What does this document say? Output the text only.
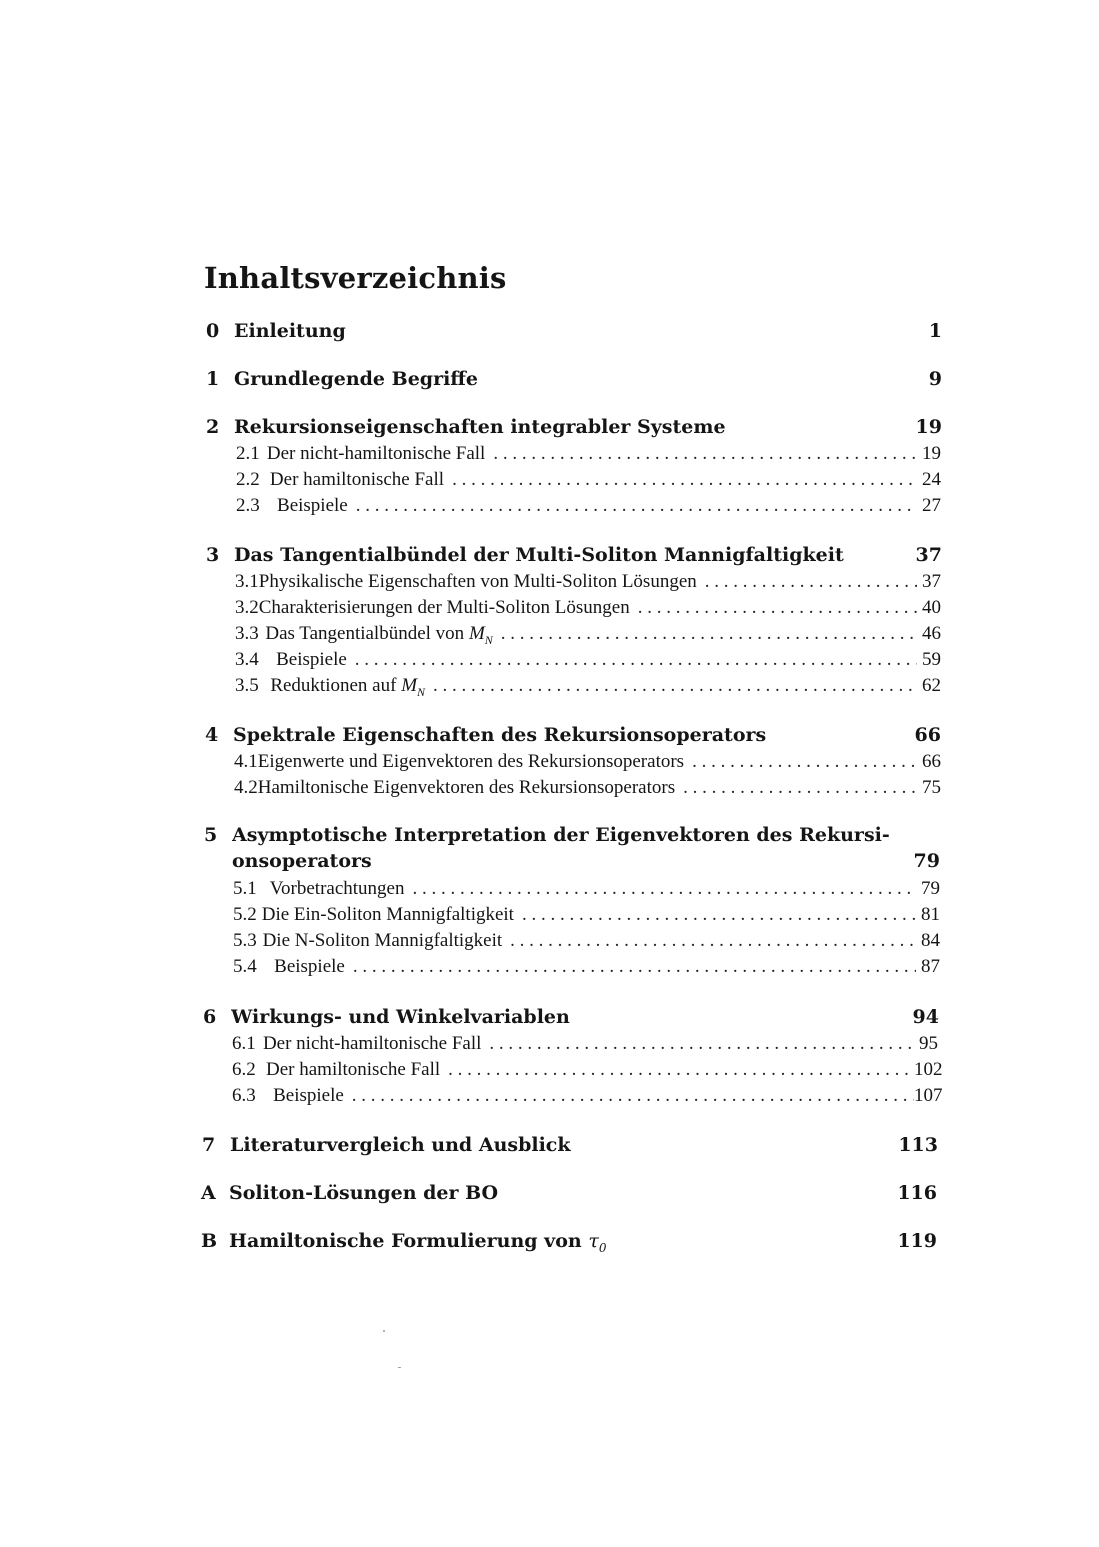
Inhaltsverzeichnis
0 Einleitung	1
1 Grundlegende Begriffe	9
2 Rekursionseigenschaften integrabler Systeme	19
2.1 Der nicht-hamiltonische Fall . . .	19
2.2 Der hamiltonische Fall . . .	24
2.3 Beispiele . . .	27
3 Das Tangentialbündel der Multi-Soliton Mannigfaltigkeit	37
3.1 Physikalische Eigenschaften von Multi-Soliton Lösungen . . .	37
3.2 Charakterisierungen der Multi-Soliton Lösungen . . .	40
3.3 Das Tangentialbündel von $M_N$ . . .	46
3.4 Beispiele . . .	59
3.5 Reduktionen auf $M_N$ . . .	62
4 Spektrale Eigenschaften des Rekursionsoperators	66
4.1 Eigenwerte und Eigenvektoren des Rekursionsoperators . . .	66
4.2 Hamiltonische Eigenvektoren des Rekursionsoperators . . .	75
5 Asymptotische Interpretation der Eigenvektoren des Rekursi-
onsoperators	79
5.1 Vorbetrachtungen . . .	79
5.2 Die Ein-Soliton Mannigfaltigkeit . . .	81
5.3 Die N-Soliton Mannigfaltigkeit . . .	84
5.4 Beispiele . . .	87
6 Wirkungs- und Winkelvariablen	94
6.1 Der nicht-hamiltonische Fall . . .	95
6.2 Der hamiltonische Fall . . .	102
6.3 Beispiele . . .	107
7 Literaturvergleich und Ausblick	113
A Soliton-Lösungen der BO	116
B Hamiltonische Formulierung von $\tau_0$	119
